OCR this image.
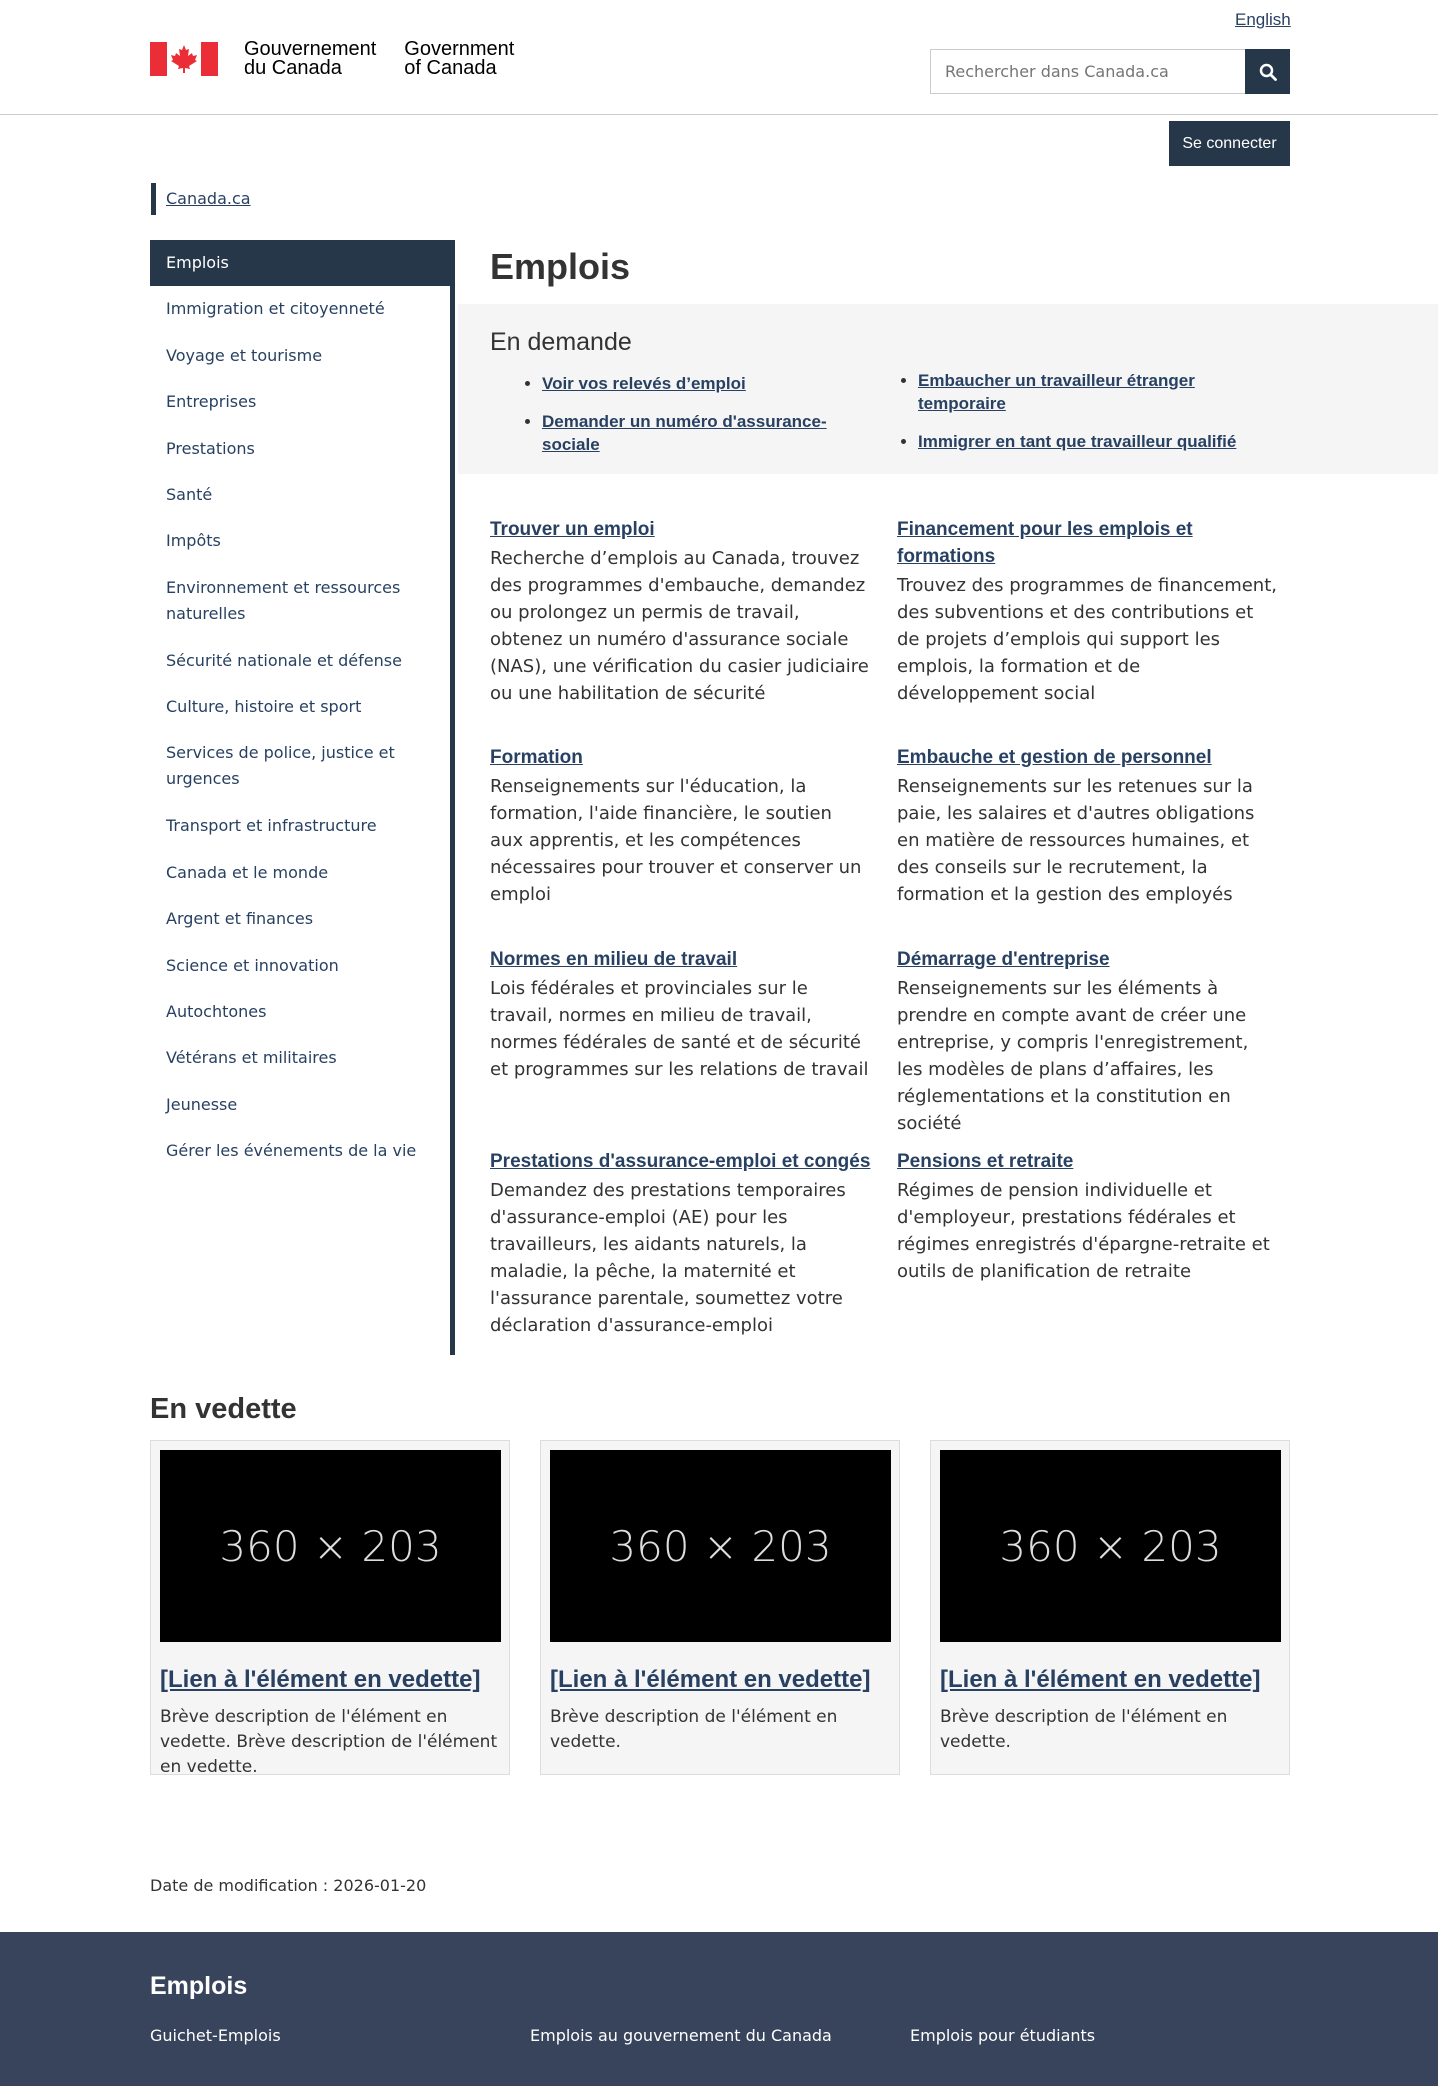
English
Gouvernement
du Canada
Government
of Canada
Rechercher dans Canada.ca
Se connecter
Canada.ca
Emplois
Immigration et citoyenneté
Voyage et tourisme
Entreprises
Prestations
Santé
Impôts
Environnement et ressources naturelles
Sécurité nationale et défense
Culture, histoire et sport
Services de police, justice et urgences
Transport et infrastructure
Canada et le monde
Argent et finances
Science et innovation
Autochtones
Vétérans et militaires
Jeunesse
Gérer les événements de la vie
Emplois
En demande
• Voir vos relevés d’emploi
• Demander un numéro d'assurance-sociale
• Embaucher un travailleur étranger temporaire
• Immigrer en tant que travailleur qualifié
Trouver un emploi

Recherche d’emplois au Canada, trouvez des programmes d'embauche, demandez ou prolongez un permis de travail, obtenez un numéro d'assurance sociale (NAS), une vérification du casier judiciaire ou une habilitation de sécurité

Financement pour les emplois et formations

Trouvez des programmes de financement, des subventions et des contributions et de projets d’emplois qui support les emplois, la formation et de développement social

Formation

Renseignements sur l'éducation, la formation, l'aide financière, le soutien aux apprentis, et les compétences nécessaires pour trouver et conserver un emploi

Embauche et gestion de personnel

Renseignements sur les retenues sur la paie, les salaires et d'autres obligations en matière de ressources humaines, et des conseils sur le recrutement, la formation et la gestion des employés

Normes en milieu de travail

Lois fédérales et provinciales sur le travail, normes en milieu de travail, normes fédérales de santé et de sécurité et programmes sur les relations de travail

Démarrage d'entreprise

Renseignements sur les éléments à prendre en compte avant de créer une entreprise, y compris l'enregistrement, les modèles de plans d’affaires, les réglementations et la constitution en société

Prestations d'assurance-emploi et congés

Demandez des prestations temporaires d'assurance-emploi (AE) pour les travailleurs, les aidants naturels, la maladie, la pêche, la maternité et l'assurance parentale, soumettez votre déclaration d'assurance-emploi

Pensions et retraite

Régimes de pension individuelle et d'employeur, prestations fédérales et régimes enregistrés d'épargne-retraite et outils de planification de retraite

En vedette
360 × 203
[Lien à l'élément en vedette]

Brève description de l'élément en vedette. Brève description de l'élément en vedette.

360 × 203
[Lien à l'élément en vedette]

Brève description de l'élément en vedette.

360 × 203
[Lien à l'élément en vedette]

Brève description de l'élément en vedette.

Date de modification : 2026-01-20
Emplois
Guichet-Emplois	Emplois au gouvernement du Canada	Emplois pour étudiants
